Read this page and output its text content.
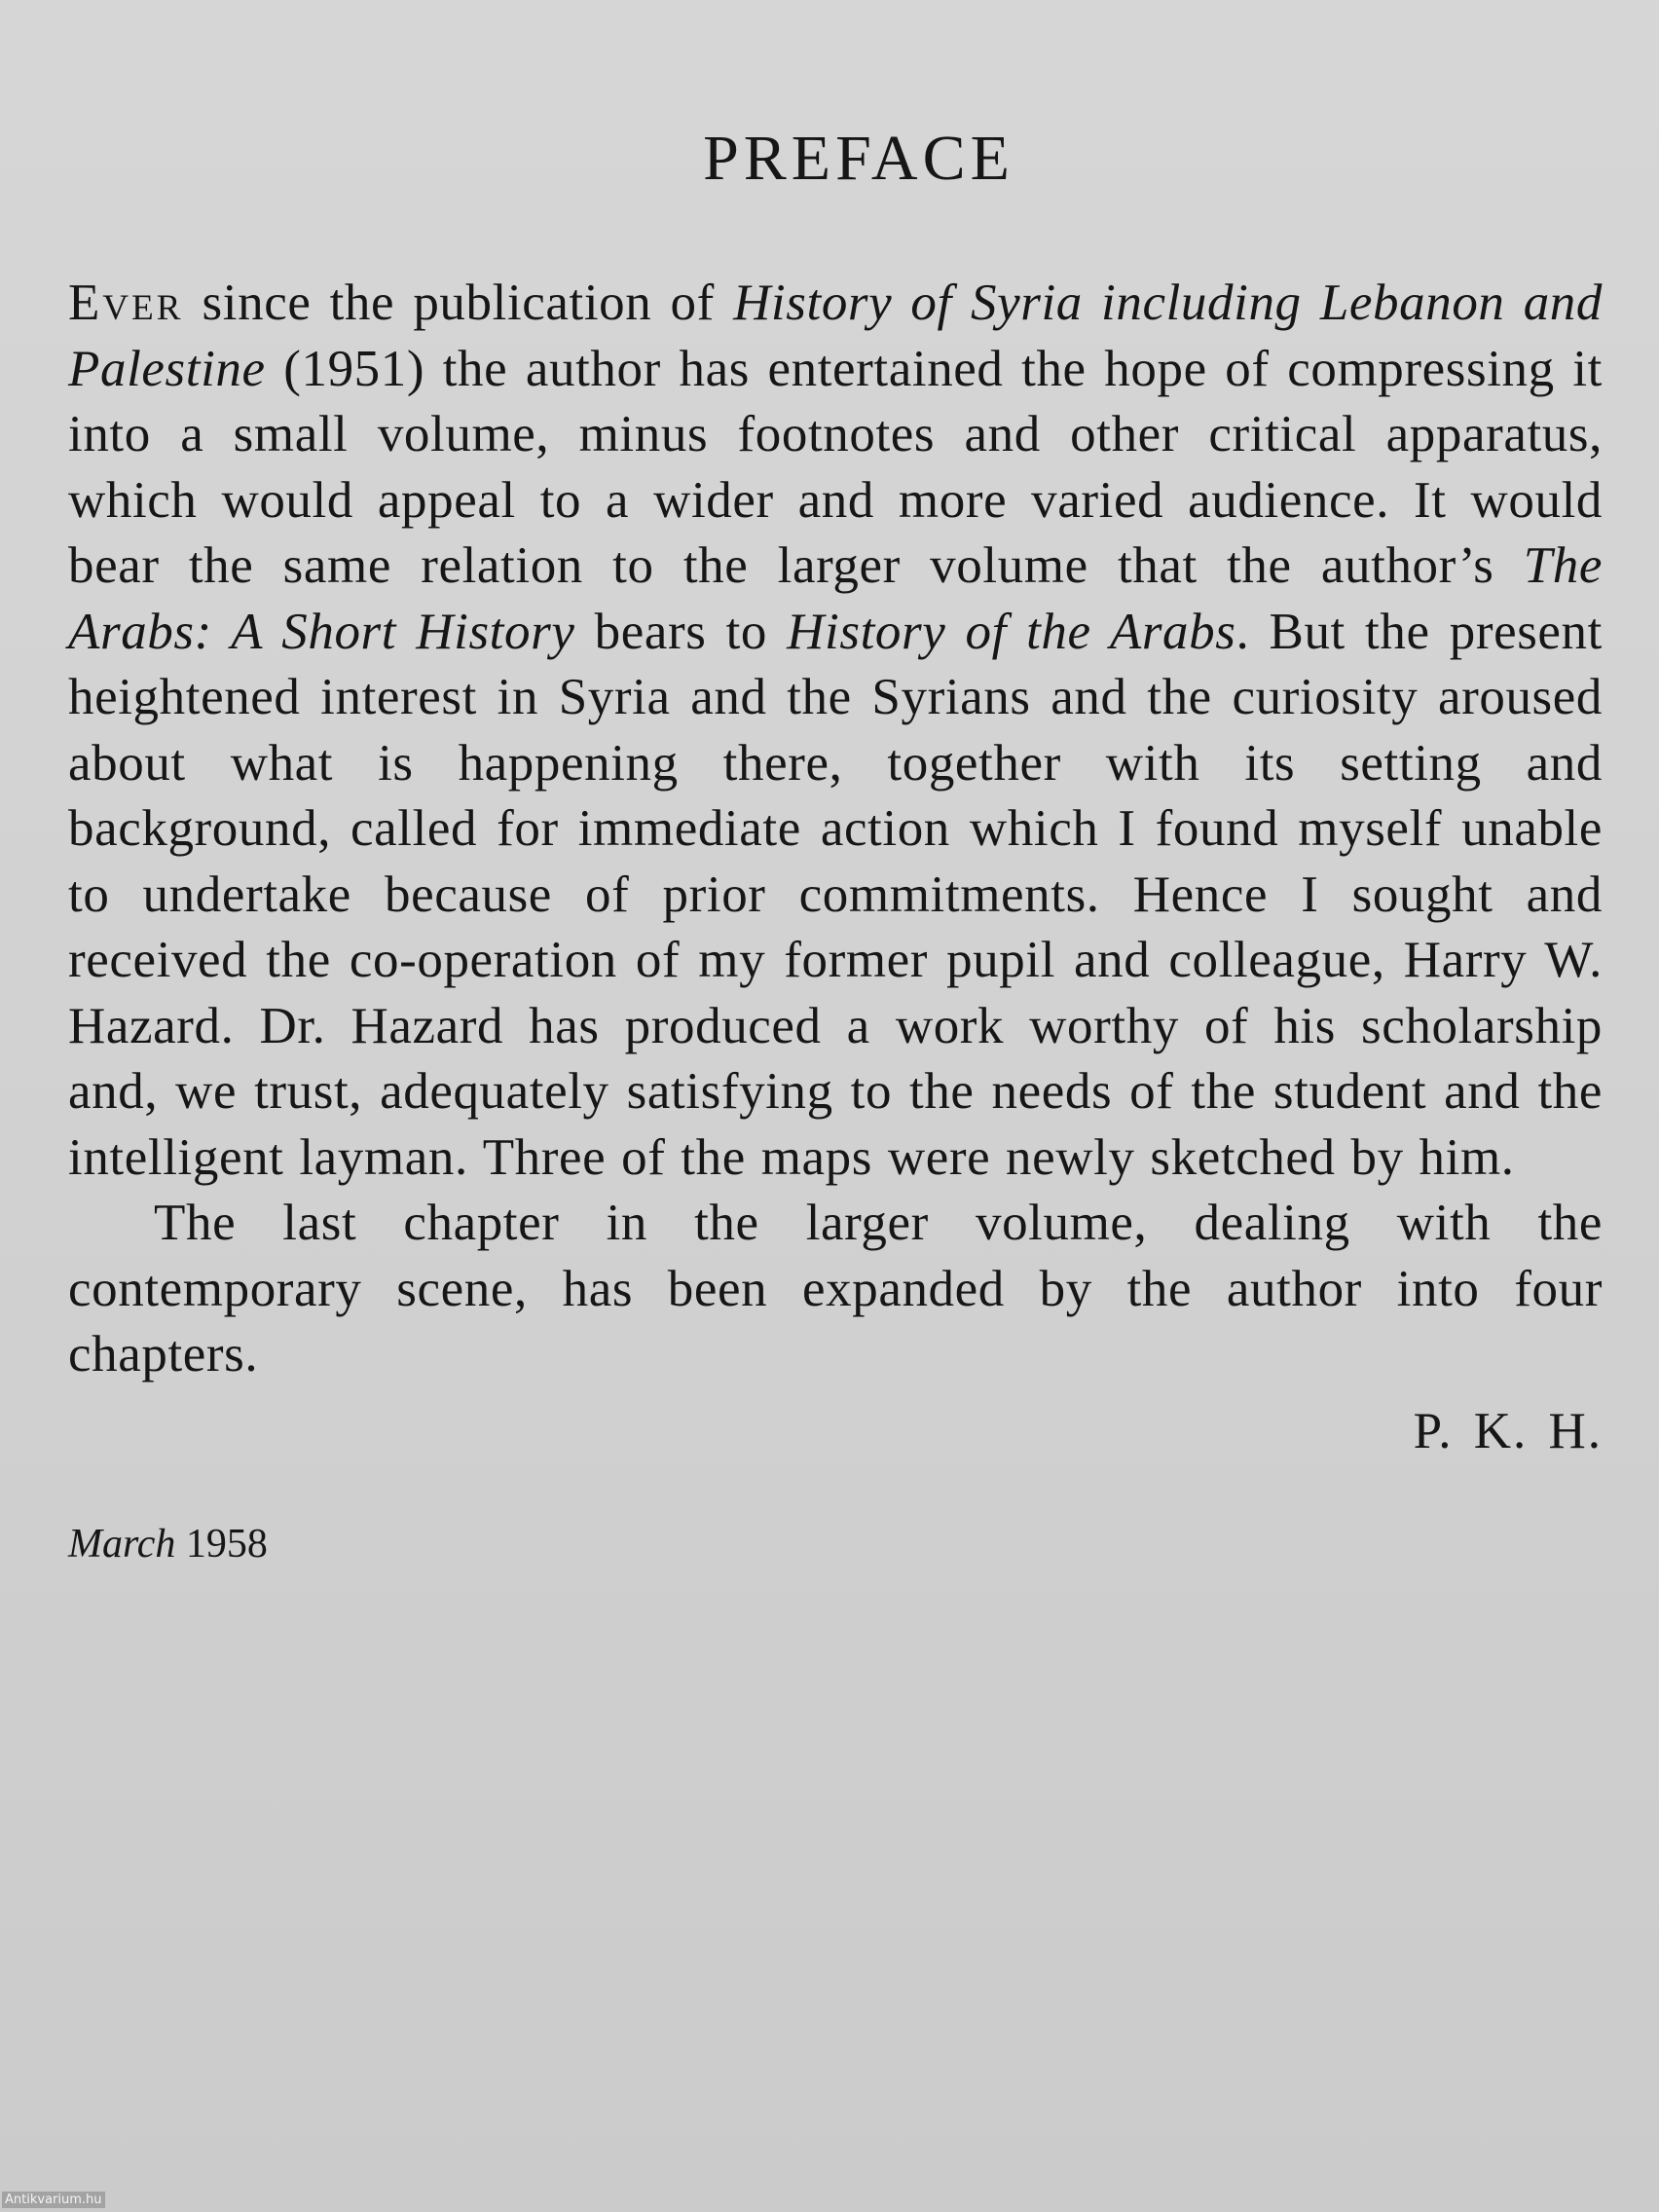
PREFACE

Ever since the publication of History of Syria including Lebanon and Palestine (1951) the author has entertained the hope of compressing it into a small volume, minus footnotes and other critical apparatus, which would appeal to a wider and more varied audience. It would bear the same relation to the larger volume that the author’s The Arabs: A Short History bears to History of the Arabs. But the present heightened interest in Syria and the Syrians and the curiosity aroused about what is happening there, together with its setting and background, called for immediate action which I found myself unable to undertake because of prior commitments. Hence I sought and received the co-operation of my former pupil and colleague, Harry W. Hazard. Dr. Hazard has produced a work worthy of his scholarship and, we trust, adequately satisfying to the needs of the student and the intelligent layman. Three of the maps were newly sketched by him.

The last chapter in the larger volume, dealing with the contemporary scene, has been expanded by the author into four chapters.

P. K. H.
March 1958
Antikvarium.hu
